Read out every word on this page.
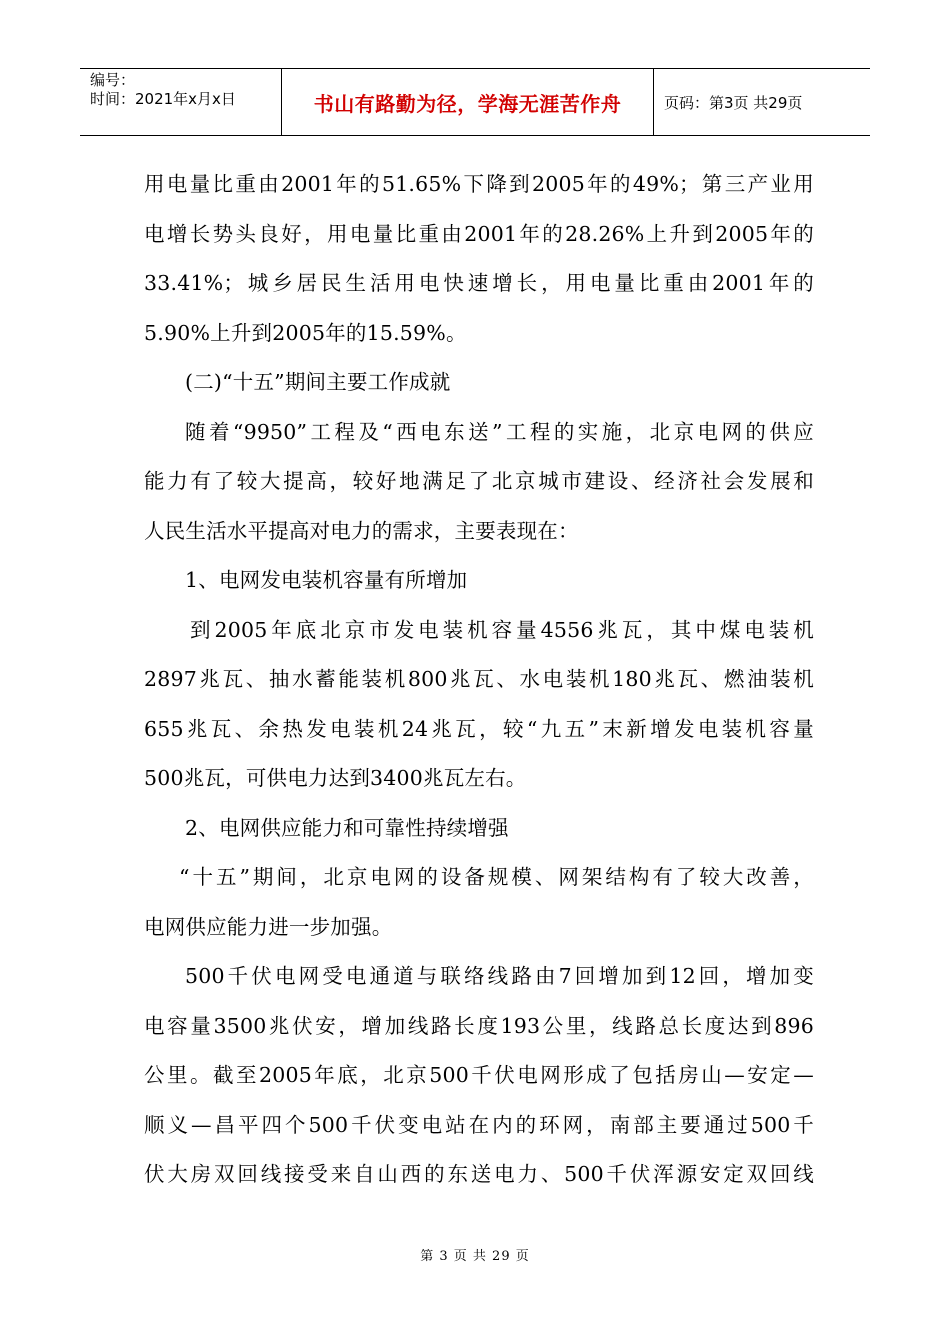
编号：
时间：2021年x月x日	书山有路勤为径，学海无涯苦作舟	页码：第3页 共29页
用电量比重由2001年的51.65%下降到2005年的49%；第三产业用
电增长势头良好，用电量比重由2001年的28.26%上升到2005年的
33.41%；城乡居民生活用电快速增长，用电量比重由2001年的
5.90%上升到2005年的15.59%。
(二)“十五”期间主要工作成就
随着“9950”工程及“西电东送”工程的实施，北京电网的供应
能力有了较大提高，较好地满足了北京城市建设、经济社会发展和
人民生活水平提高对电力的需求，主要表现在：
1、电网发电装机容量有所增加
到2005年底北京市发电装机容量4556兆瓦，其中煤电装机
2897兆瓦、抽水蓄能装机800兆瓦、水电装机180兆瓦、燃油装机
655兆瓦、余热发电装机24兆瓦，较“九五”末新增发电装机容量
500兆瓦，可供电力达到3400兆瓦左右。
2、电网供应能力和可靠性持续增强
“十五”期间，北京电网的设备规模、网架结构有了较大改善，
电网供应能力进一步加强。
500千伏电网受电通道与联络线路由7回增加到12回，增加变
电容量3500兆伏安，增加线路长度193公里，线路总长度达到896
公里。截至2005年底，北京500千伏电网形成了包括房山—安定—
顺义—昌平四个500千伏变电站在内的环网，南部主要通过500千
伏大房双回线接受来自山西的东送电力、500千伏浑源安定双回线
第 3 页 共 29 页
